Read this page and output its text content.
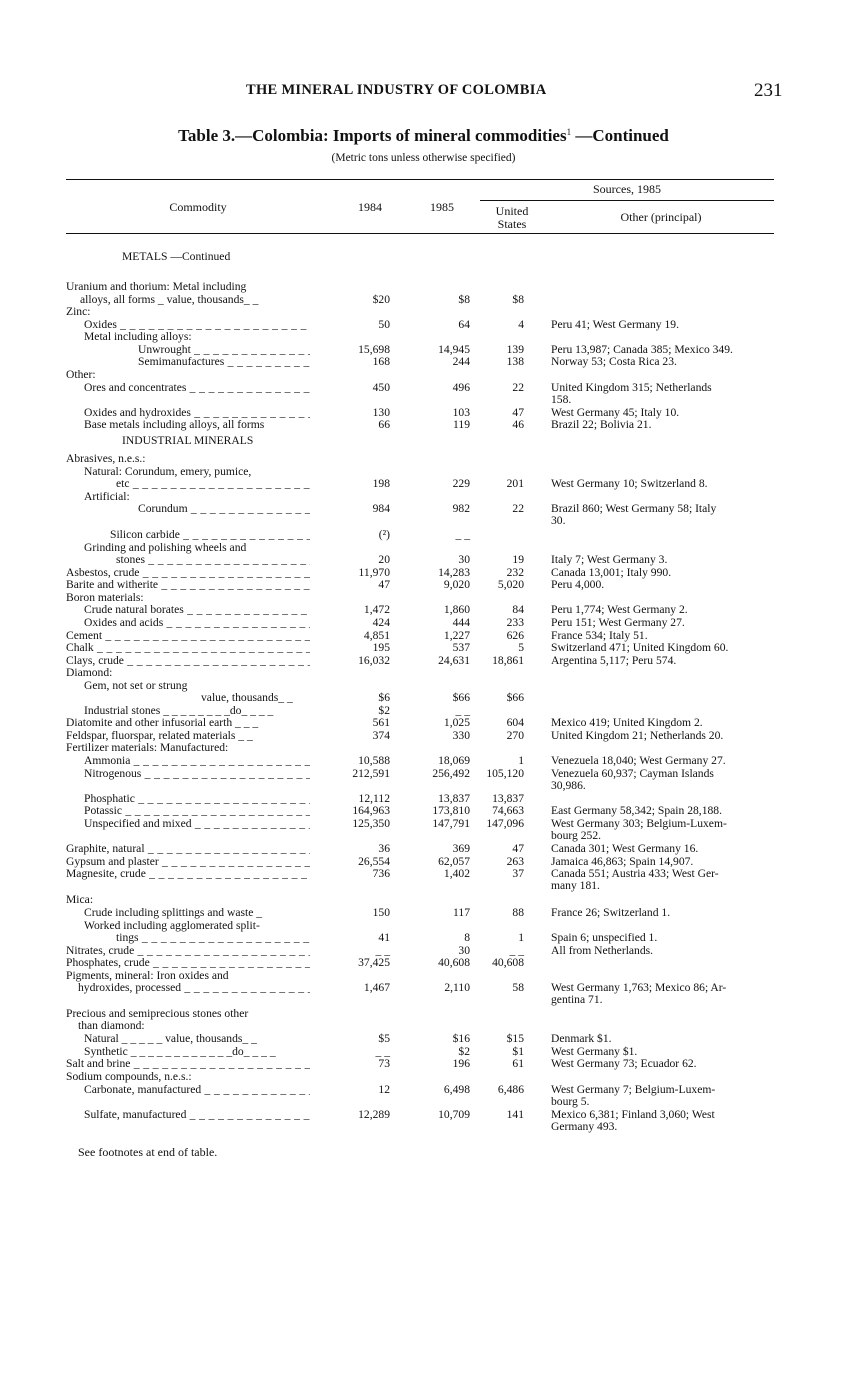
THE MINERAL INDUSTRY OF COLOMBIA	231
Table 3.—Colombia: Imports of mineral commodities$^1$ —Continued
(Metric tons unless otherwise specified)
Commodity	1984	1985
Sources, 1985
United States	Other (principal)
METALS —Continued
Uranium and thorium: Metal including
alloys, all forms _ value, thousands_ _	$20	$8	$8
Zinc:
Oxides _ _ _	50	64	4 Peru 41; West Germany 19.
Metal including alloys:
Unwrought _ _ _	15,698	14,945	139 Peru 13,987; Canada 385; Mexico 349.
Semimanufactures _ _ _	168	244	138 Norway 53; Costa Rica 23.
Other:
Ores and concentrates _ _ _	450	496	22 United Kingdom 315; Netherlands
158.
Oxides and hydroxides _ _ _	130	103	47 West Germany 45; Italy 10.
Base metals including alloys, all forms	66	119	46 Brazil 22; Bolivia 21.
INDUSTRIAL MINERALS
Abrasives, n.e.s.:
Natural: Corundum, emery, pumice,
etc _ _ _	198	229	201 West Germany 10; Switzerland 8.
Artificial:
Corundum _ _ _	984	982	22 Brazil 860; West Germany 58; Italy
30.
Silicon carbide _ _ _	(²)	_ _
Grinding and polishing wheels and
stones _ _ _	20	30	19 Italy 7; West Germany 3.
Asbestos, crude _ _ _	11,970	14,283	232 Canada 13,001; Italy 990.
Barite and witherite _ _ _	47	9,020	5,020 Peru 4,000.
Boron materials:
Crude natural borates _ _ _	1,472	1,860	84 Peru 1,774; West Germany 2.
Oxides and acids _ _ _	424	444	233 Peru 151; West Germany 27.
Cement _ _ _	4,851	1,227	626 France 534; Italy 51.
Chalk _ _ _	195	537	5 Switzerland 471; United Kingdom 60.
Clays, crude _ _ _	16,032	24,631	18,861 Argentina 5,117; Peru 574.
Diamond:
Gem, not set or strung
value, thousands_ _	$6	$66	$66
Industrial stones _ _ _ _ _ _ _ _do_ _ _ _	$2	_ _
Diatomite and other infusorial earth _ _ _	561	1,025	604 Mexico 419; United Kingdom 2.
Feldspar, fluorspar, related materials _ _	374	330	270 United Kingdom 21; Netherlands 20.
Fertilizer materials: Manufactured:
Ammonia _ _ _	10,588	18,069	1 Venezuela 18,040; West Germany 27.
Nitrogenous _ _ _	212,591	256,492	105,120 Venezuela 60,937; Cayman Islands
30,986.
Phosphatic _ _ _	12,112	13,837	13,837
Potassic _ _ _	164,963	173,810	74,663 East Germany 58,342; Spain 28,188.
Unspecified and mixed _ _ _	125,350	147,791	147,096 West Germany 303; Belgium-Luxem-
bourg 252.
Graphite, natural _ _ _	36	369	47 Canada 301; West Germany 16.
Gypsum and plaster _ _ _	26,554	62,057	263 Jamaica 46,863; Spain 14,907.
Magnesite, crude _ _ _	736	1,402	37 Canada 551; Austria 433; West Ger-
many 181.
Mica:
Crude including splittings and waste _	150	117	88 France 26; Switzerland 1.
Worked including agglomerated split-
tings _ _ _	41	8	1 Spain 6; unspecified 1.
Nitrates, crude _ _ _	_ _	30	_ _ All from Netherlands.
Phosphates, crude _ _ _	37,425	40,608	40,608
Pigments, mineral: Iron oxides and
hydroxides, processed _ _ _	1,467	2,110	58 West Germany 1,763; Mexico 86; Ar-
gentina 71.
Precious and semiprecious stones other
than diamond:
Natural _ _ _ _ _ value, thousands_ _	$5	$16	$15 Denmark $1.
Synthetic _ _ _ _ _ _ _ _ _ _ _ _do_ _ _ _	_ _	$2	$1 West Germany $1.
Salt and brine _ _ _	73	196	61 West Germany 73; Ecuador 62.
Sodium compounds, n.e.s.:
Carbonate, manufactured _ _ _	12	6,498	6,486 West Germany 7; Belgium-Luxem-
bourg 5.
Sulfate, manufactured _ _ _	12,289	10,709	141 Mexico 6,381; Finland 3,060; West
Germany 493.
See footnotes at end of table.
